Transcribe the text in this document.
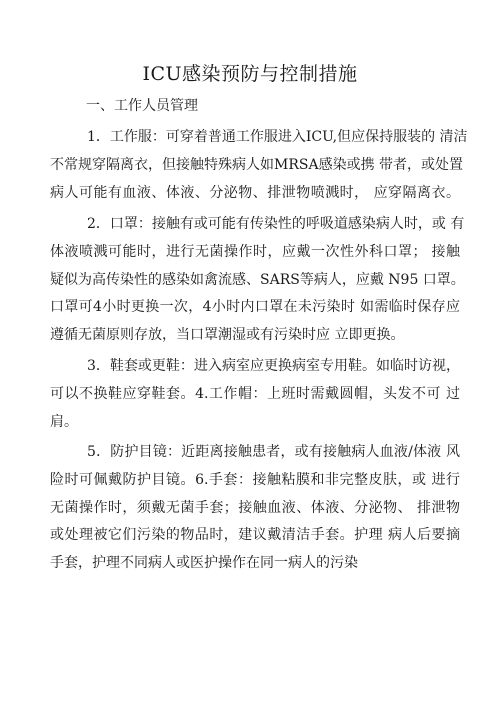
ICU感染预防与控制措施
一、工作人员管理
1．工作服：可穿着普通工作服进入ICU,但应保持服装的 清洁
不常规穿隔离衣，但接触特殊病人如MRSA感染或携 带者，或处置
病人可能有血液、体液、分泌物、排泄物喷溅时， 应穿隔离衣。
2．口罩：接触有或可能有传染性的呼吸道感染病人时，或 有
体液喷溅可能时，进行无菌操作时，应戴一次性外科口罩； 接触
疑似为高传染性的感染如禽流感、SARS等病人，应戴 N95 口罩。
口罩可4小时更换一次，4小时内口罩在未污染时 如需临时保存应
遵循无菌原则存放，当口罩潮湿或有污染时应 立即更换。
3．鞋套或更鞋：进入病室应更换病室专用鞋。如临时访视，
可以不换鞋应穿鞋套。4.工作帽：上班时需戴圆帽，头发不可 过
肩。
5．防护目镜：近距离接触患者，或有接触病人血液/体液 风
险时可佩戴防护目镜。6.手套：接触粘膜和非完整皮肤，或 进行
无菌操作时，须戴无菌手套；接触血液、体液、分泌物、 排泄物
或处理被它们污染的物品时，建议戴清洁手套。护理 病人后要摘
手套，护理不同病人或医护操作在同一病人的污染
